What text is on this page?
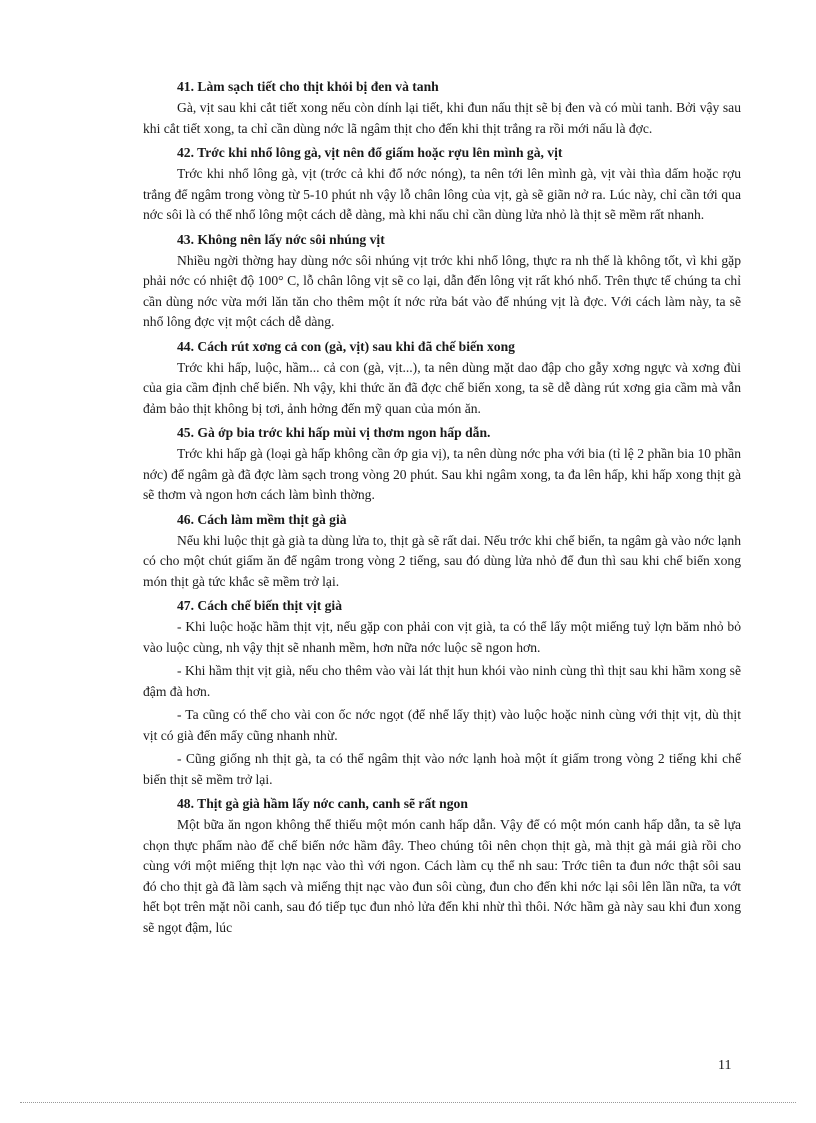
41. Làm sạch tiết cho thịt khỏi bị đen và tanh

Gà, vịt sau khi cắt tiết xong nếu còn dính lại tiết, khi đun nấu thịt sẽ bị đen và có mùi tanh. Bởi vậy sau khi cắt tiết xong, ta chỉ cần dùng nớc lã ngâm thịt cho đến khi thịt trắng ra rồi mới nấu là đợc.

42. Trớc khi nhổ lông gà, vịt nên đổ giấm hoặc rợu lên mình gà, vịt

Trớc khi nhổ lông gà, vịt (trớc cả khi đổ nớc nóng), ta nên tới lên mình gà, vịt vài thìa dấm hoặc rợu trắng để ngâm trong vòng từ 5-10 phút nh vậy lỗ chân lông của vịt, gà sẽ giãn nở ra. Lúc này, chỉ cần tới qua nớc sôi là có thể nhổ lông một cách dễ dàng, mà khi nấu chỉ cần dùng lửa nhỏ là thịt sẽ mềm rất nhanh.

43. Không nên lấy nớc sôi nhúng vịt

Nhiều ngời thờng hay dùng nớc sôi nhúng vịt trớc khi nhổ lông, thực ra nh thế là không tốt, vì khi gặp phải nớc có nhiệt độ 100° C, lỗ chân lông vịt sẽ co lại, dẫn đến lông vịt rất khó nhổ. Trên thực tế chúng ta chỉ cần dùng nớc vừa mới lăn tăn cho thêm một ít nớc rửa bát vào để nhúng vịt là đợc. Với cách làm này, ta sẽ nhổ lông đợc vịt một cách dễ dàng.

44. Cách rút xơng cả con (gà, vịt) sau khi đã chế biến xong

Trớc khi hấp, luộc, hầm... cả con (gà, vịt...), ta nên dùng mặt dao đập cho gẫy xơng ngực và xơng đùi của gia cầm định chế biến. Nh vậy, khi thức ăn đã đợc chế biến xong, ta sẽ dễ dàng rút xơng gia cầm mà vẫn đảm bảo thịt không bị tơi, ảnh hởng đến mỹ quan của món ăn.

45. Gà ớp bia trớc khi hấp mùi vị thơm ngon hấp dẫn.

Trớc khi hấp gà (loại gà hấp không cần ớp gia vị), ta nên dùng nớc pha với bia (tỉ lệ 2 phần bia 10 phần nớc) để ngâm gà đã đợc làm sạch trong vòng 20 phút. Sau khi ngâm xong, ta đa lên hấp, khi hấp xong thịt gà sẽ thơm và ngon hơn cách làm bình thờng.

46. Cách làm mềm thịt gà già

Nếu khi luộc thịt gà già ta dùng lửa to, thịt gà sẽ rất dai. Nếu trớc khi chế biến, ta ngâm gà vào nớc lạnh có cho một chút giấm ăn để ngâm trong vòng 2 tiếng, sau đó dùng lửa nhỏ để đun thì sau khi chế biến xong món thịt gà tức khắc sẽ mềm trở lại.

47. Cách chế biến thịt vịt già

- Khi luộc hoặc hầm thịt vịt, nếu gặp con phải con vịt già, ta có thể lấy một miếng tuỷ lợn băm nhỏ bỏ vào luộc cùng, nh vậy thịt sẽ nhanh mềm, hơn nữa nớc luộc sẽ ngon hơn.

- Khi hầm thịt vịt già, nếu cho thêm vào vài lát thịt hun khói vào ninh cùng thì thịt sau khi hầm xong sẽ đậm đà hơn.

- Ta cũng có thể cho vài con ốc nớc ngọt (để nhể lấy thịt) vào luộc hoặc ninh cùng với thịt vịt, dù thịt vịt có già đến mấy cũng nhanh nhừ.

- Cũng giống nh thịt gà, ta có thể ngâm thịt vào nớc lạnh hoà một ít giấm trong vòng 2 tiếng khi chế biến thịt sẽ mềm trở lại.

48. Thịt gà già hầm lấy nớc canh, canh sẽ rất ngon

Một bữa ăn ngon không thể thiếu một món canh hấp dẫn. Vậy để có một món canh hấp dẫn, ta sẽ lựa chọn thực phẩm nào để chế biến nớc hầm đây. Theo chúng tôi nên chọn thịt gà, mà thịt gà mái già rồi cho cùng với một miếng thịt lợn nạc vào thì với ngon. Cách làm cụ thể nh sau: Trớc tiên ta đun nớc thật sôi sau đó cho thịt gà đã làm sạch và miếng thịt nạc vào đun sôi cùng, đun cho đến khi nớc lại sôi lên lần nữa, ta vớt hết bọt trên mặt nồi canh, sau đó tiếp tục đun nhỏ lửa đến khi nhừ thì thôi. Nớc hầm gà này sau khi đun xong sẽ ngọt đậm, lúc

11
